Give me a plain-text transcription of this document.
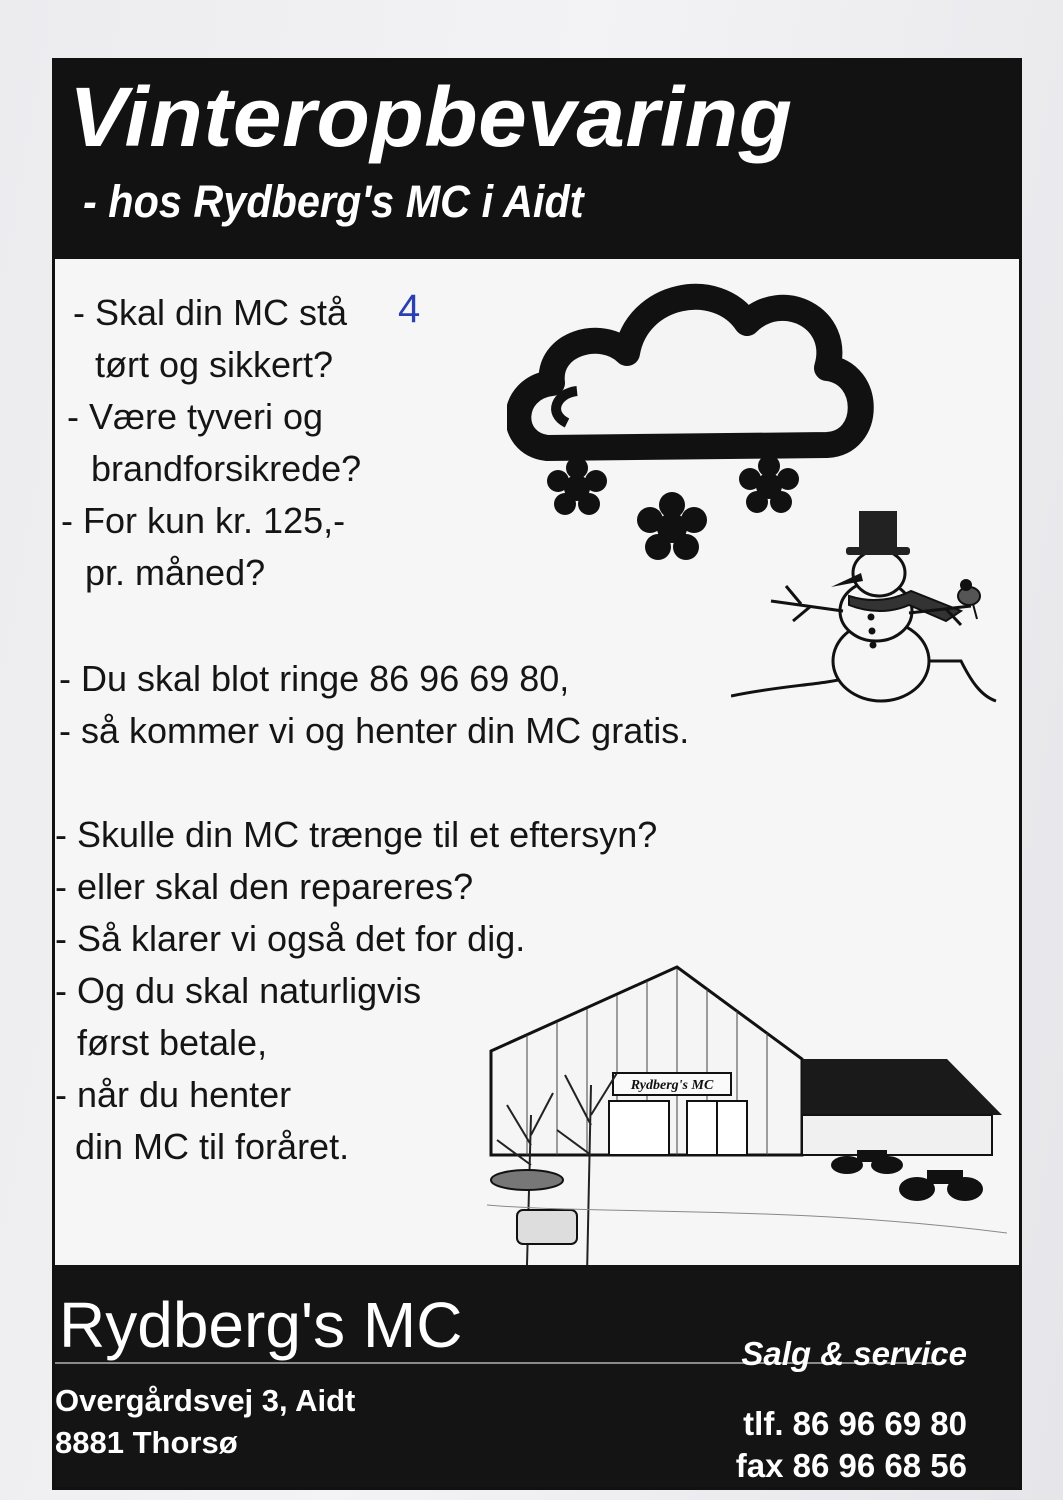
Vinteropbevaring
- hos Rydberg's MC i Aidt
- Skal din MC stå
tørt og sikkert?
- Være tyveri og
brandforsikrede?
- For kun kr. 125,-
pr. måned?
- Du skal blot ringe 86 96 69 80,
- så kommer vi og henter din MC gratis.
- Skulle din MC trænge til et eftersyn?
- eller skal den repareres?
- Så klarer vi også det for dig.
- Og du skal naturligvis
først betale,
- når du henter
din MC til foråret.
4
Rydberg's MC
Rydberg's MC	Salg & service
Overgårdsvej 3, Aidt
8881 Thorsø
tlf. 86 96 69 80
fax 86 96 68 56
